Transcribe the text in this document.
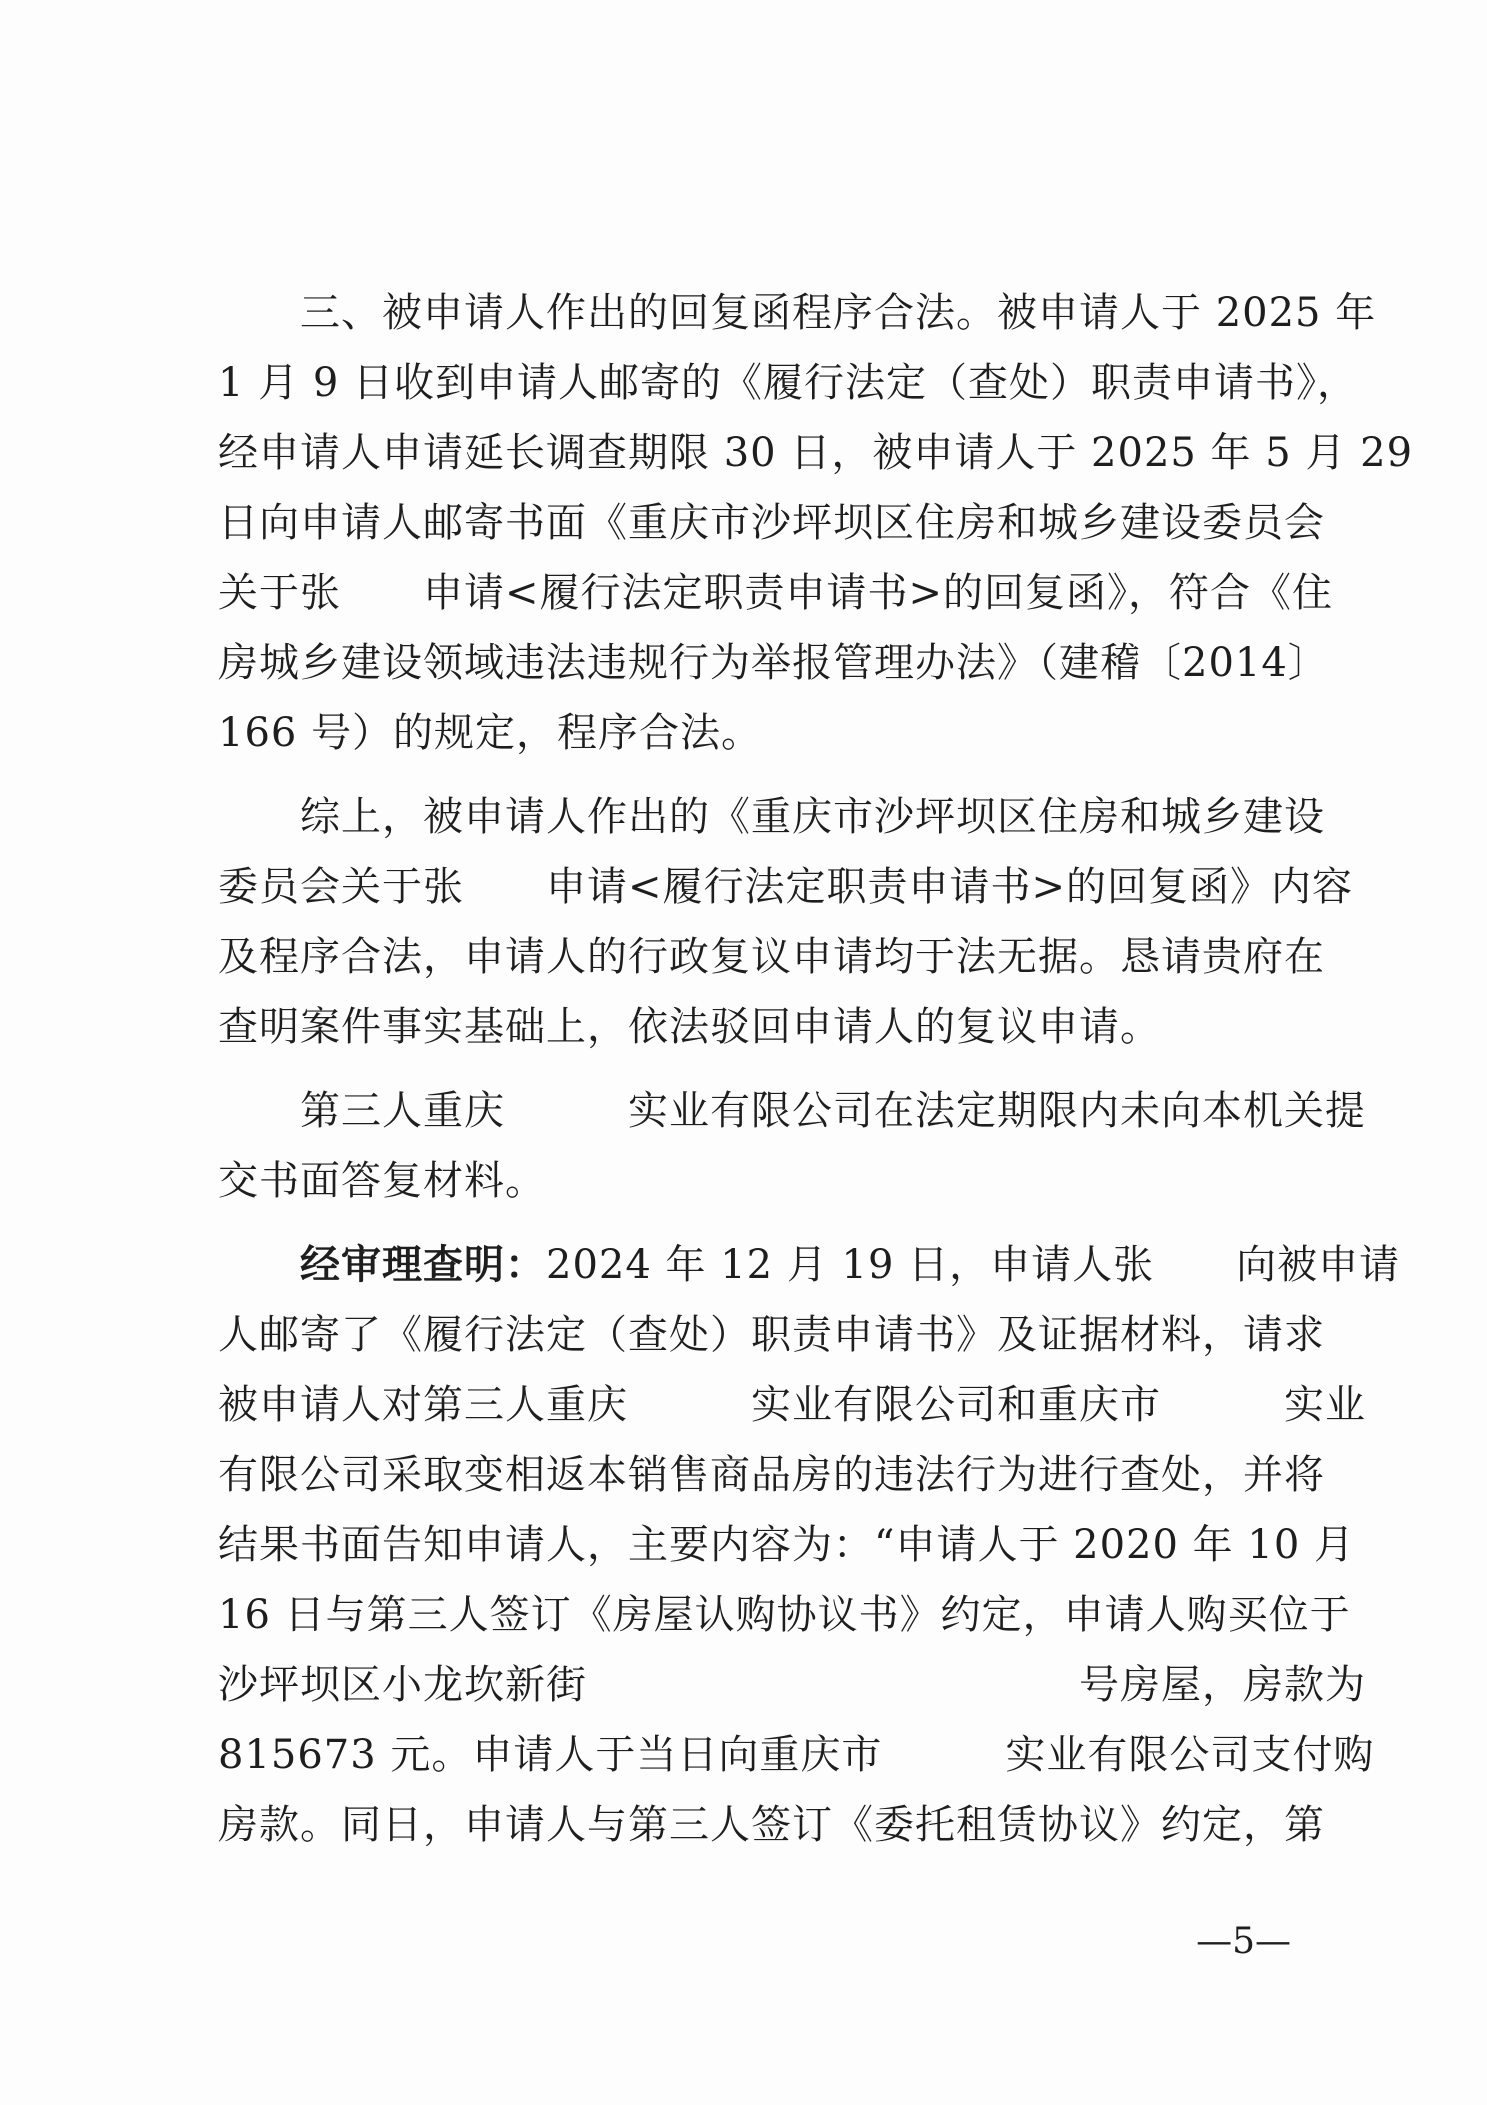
三、被申请人作出的回复函程序合法。被申请人于 2025 年
1 月 9 日收到申请人邮寄的《履行法定（查处）职责申请书》，
经申请人申请延长调查期限 30 日，被申请人于 2025 年 5 月 29
日向申请人邮寄书面《重庆市沙坪坝区住房和城乡建设委员会
关于张　　申请<履行法定职责申请书>的回复函》，符合《住
房城乡建设领域违法违规行为举报管理办法》（建稽〔2014〕
166 号）的规定，程序合法。
综上，被申请人作出的《重庆市沙坪坝区住房和城乡建设
委员会关于张　　申请<履行法定职责申请书>的回复函》内容
及程序合法，申请人的行政复议申请均于法无据。恳请贵府在
查明案件事实基础上，依法驳回申请人的复议申请。
第三人重庆　　　实业有限公司在法定期限内未向本机关提
交书面答复材料。
经审理查明：2024 年 12 月 19 日，申请人张　　向被申请
人邮寄了《履行法定（查处）职责申请书》及证据材料，请求
被申请人对第三人重庆　　　实业有限公司和重庆市　　　实业
有限公司采取变相返本销售商品房的违法行为进行查处，并将
结果书面告知申请人，主要内容为：“申请人于 2020 年 10 月
16 日与第三人签订《房屋认购协议书》约定，申请人购买位于
沙坪坝区小龙坎新街　　　　　　　　　　　　号房屋，房款为
815673 元。申请人于当日向重庆市　　　实业有限公司支付购
房款。同日，申请人与第三人签订《委托租赁协议》约定，第
—5—
